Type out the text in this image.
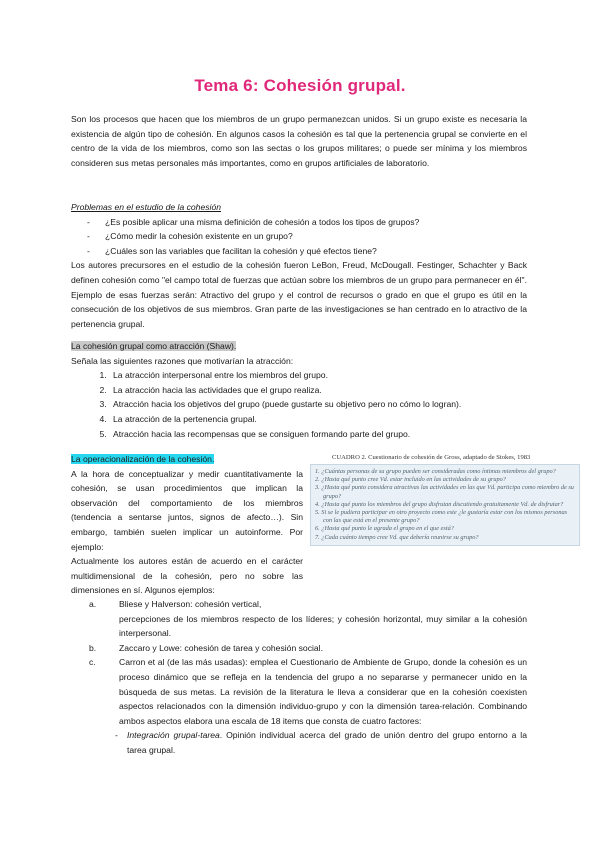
Tema 6: Cohesión grupal.
Son los procesos que hacen que los miembros de un grupo permanezcan unidos. Si un grupo existe es necesaria la existencia de algún tipo de cohesión. En algunos casos la cohesión es tal que la pertenencia grupal se convierte en el centro de la vida de los miembros, como son las sectas o los grupos militares; o puede ser mínima y los miembros consideren sus metas personales más importantes, como en grupos artificiales de laboratorio.
Problemas en el estudio de la cohesión
- ¿Es posible aplicar una misma definición de cohesión a todos los tipos de grupos?
- ¿Cómo medir la cohesión existente en un grupo?
- ¿Cuáles son las variables que facilitan la cohesión y qué efectos tiene?
Los autores precursores en el estudio de la cohesión fueron LeBon, Freud, McDougall. Festinger, Schachter y Back definen cohesión como "el campo total de fuerzas que actúan sobre los miembros de un grupo para permanecer en él". Ejemplo de esas fuerzas serán: Atractivo del grupo y el control de recursos o grado en que el grupo es útil en la consecución de los objetivos de sus miembros. Gran parte de las investigaciones se han centrado en lo atractivo de la pertenencia grupal.
La cohesión grupal como atracción (Shaw).
Señala las siguientes razones que motivarían la atracción:
1. La atracción interpersonal entre los miembros del grupo.
2. La atracción hacia las actividades que el grupo realiza.
3. Atracción hacia los objetivos del grupo (puede gustarte su objetivo pero no cómo lo logran).
4. La atracción de la pertenencia grupal.
5. Atracción hacia las recompensas que se consiguen formando parte del grupo.
La operacionalización de la cohesión.
A la hora de conceptualizar y medir cuantitativamente la cohesión, se usan procedimientos que implican la observación del comportamiento de los miembros (tendencia a sentarse juntos, signos de afecto…). Sin embargo, también suelen implicar un autoinforme. Por ejemplo:
Actualmente los autores están de acuerdo en el carácter multidimensional de la cohesión, pero no sobre las dimensiones en sí. Algunos ejemplos:
CUADRO 2. Cuestionario de cohesión de Gross, adaptado de Stokes, 1983
1. ¿Cuántas personas de su grupo pueden ser consideradas como íntimas miembros del grupo?
2. ¿Hasta qué punto cree Vd. estar incluido en las actividades de su grupo?
3. ¿Hasta qué punto considera atractivas las actividades en las que Vd. participa como miembro de su grupo?
4. ¿Hasta qué punto los miembros del grupo disfrutan discutiendo gratuitamente Vd. de disfrutar?
5. Si se le pudiera participar en otro proyecto como este ¿le gustaría estar con los mismos personas con las que está en el presente grupo?
6. ¿Hasta qué punto le agrada el grupo en el que está?
7. ¿Cada cuánto tiempo cree Vd. que debería reunirse su grupo?
a.	Bliese y Halverson: cohesión vertical,
percepciones de los miembros respecto de los líderes; y cohesión horizontal, muy similar a la cohesión interpersonal.
b.	Zaccaro y Lowe: cohesión de tarea y cohesión social.
c.	Carron et al (de las más usadas): emplea el Cuestionario de Ambiente de Grupo, donde la cohesión es un proceso dinámico que se refleja en la tendencia del grupo a no separarse y permanecer unido en la búsqueda de sus metas. La revisión de la literatura le lleva a considerar que en la cohesión coexisten aspectos relacionados con la dimensión individuo-grupo y con la dimensión tarea-relación. Combinando ambos aspectos elabora una escala de 18 items que consta de cuatro factores:
- Integración grupal-tarea. Opinión individual acerca del grado de unión dentro del grupo entorno a la tarea grupal.
